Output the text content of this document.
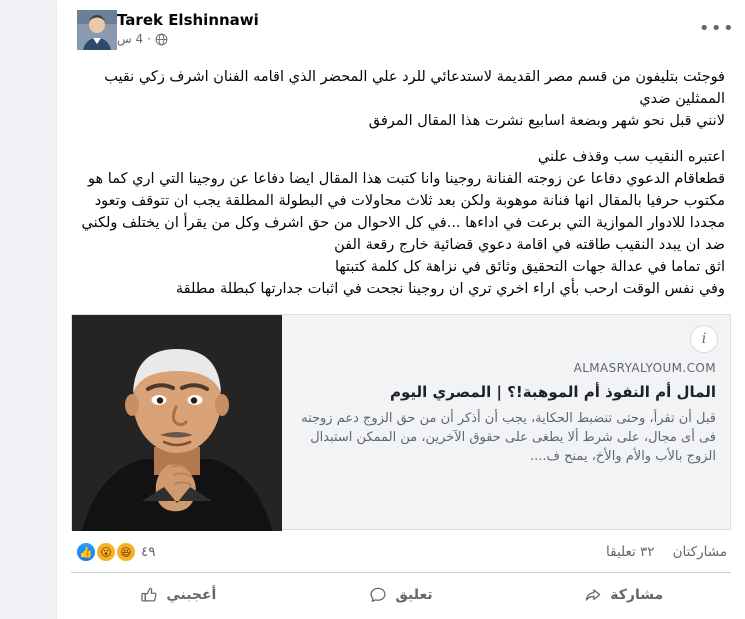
Tarek Elshinnawi
4 س ·
•••

فوجئت بتليفون من قسم مصر القديمة لاستدعائي للرد علي المحضر الذي اقامه الفنان اشرف زكي نقيب الممثلين ضدي

لانني قبل نحو شهر وبضعة اسابيع نشرت هذا المقال المرفق

اعتبره النقيب سب وقذف علني

قطعاقام الدعوي دفاعا عن زوجته الفنانة روجينا وانا كتبت هذا المقال ايضا دفاعا عن روجينا التي اري كما هو مكتوب حرفيا بالمقال انها فنانة موهوبة ولكن بعد ثلاث محاولات في البطولة المطلقة يجب ان تتوقف وتعود مجددا للادوار الموازية التي برعت في اداءها ...في كل الاحوال من حق اشرف وكل من يقرأ ان يختلف ولكني ضد ان يبدد النقيب طاقته في اقامة دعوي قضائية خارج رقعة الفن

اثق تماما في عدالة جهات التحقيق وثائق في نزاهة كل كلمة كتبتها

وفي نفس الوقت ارحب بأي اراء اخري تري ان روجينا نجحت في اثبات جدارتها كبطلة مطلقة

ALMASRYALYOUM.COM
المال أم النفوذ أم الموهبة!؟ | المصري اليوم
قبل أن تقرأ، وحتى تنضبط الحكاية، يجب أن أذكر أن من حق الزوج دعم زوجته فى أى مجال، على شرط ألا يطغى على حقوق الآخرين، من الممكن استبدال الزوج بالأب والأم والأخ، يمنح ف....
i
👍 😮 😆 ٤٩	٣٢ تعليقا مشاركتان
أعجبني	تعليق	مشاركة
